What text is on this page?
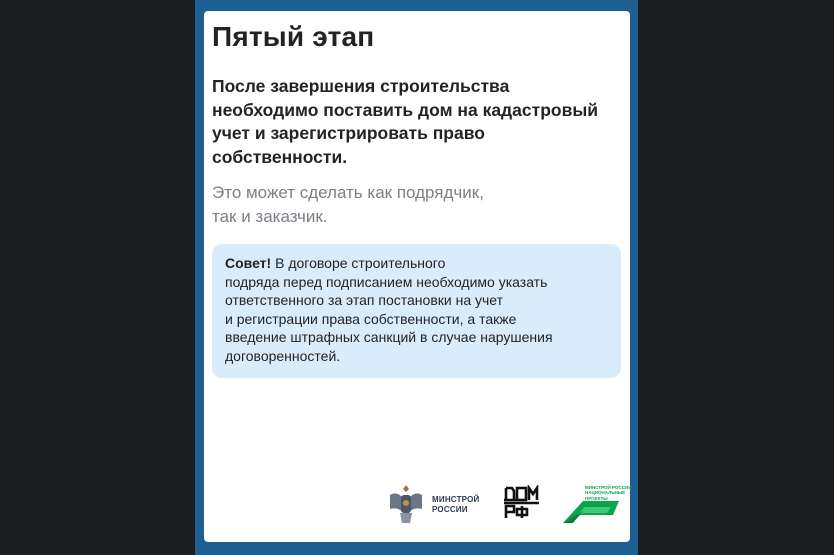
Пятый этап
После завершения строительства
необходимо поставить дом на кадастровый
учет и зарегистрировать право
собственности.
Это может сделать как подрядчик,
так и заказчик.
Совет! В договоре строительного
подряда перед подписанием необходимо указать
ответственного за этап постановки на учет
и регистрации права собственности, а также
введение штрафных санкций в случае нарушения
договоренностей.
МИНСТРОЙ
РОССИИ
МИНСТРОЙ РОССИИ
НАЦИОНАЛЬНЫЕ
ПРОЕКТЫ
РОССИИ
